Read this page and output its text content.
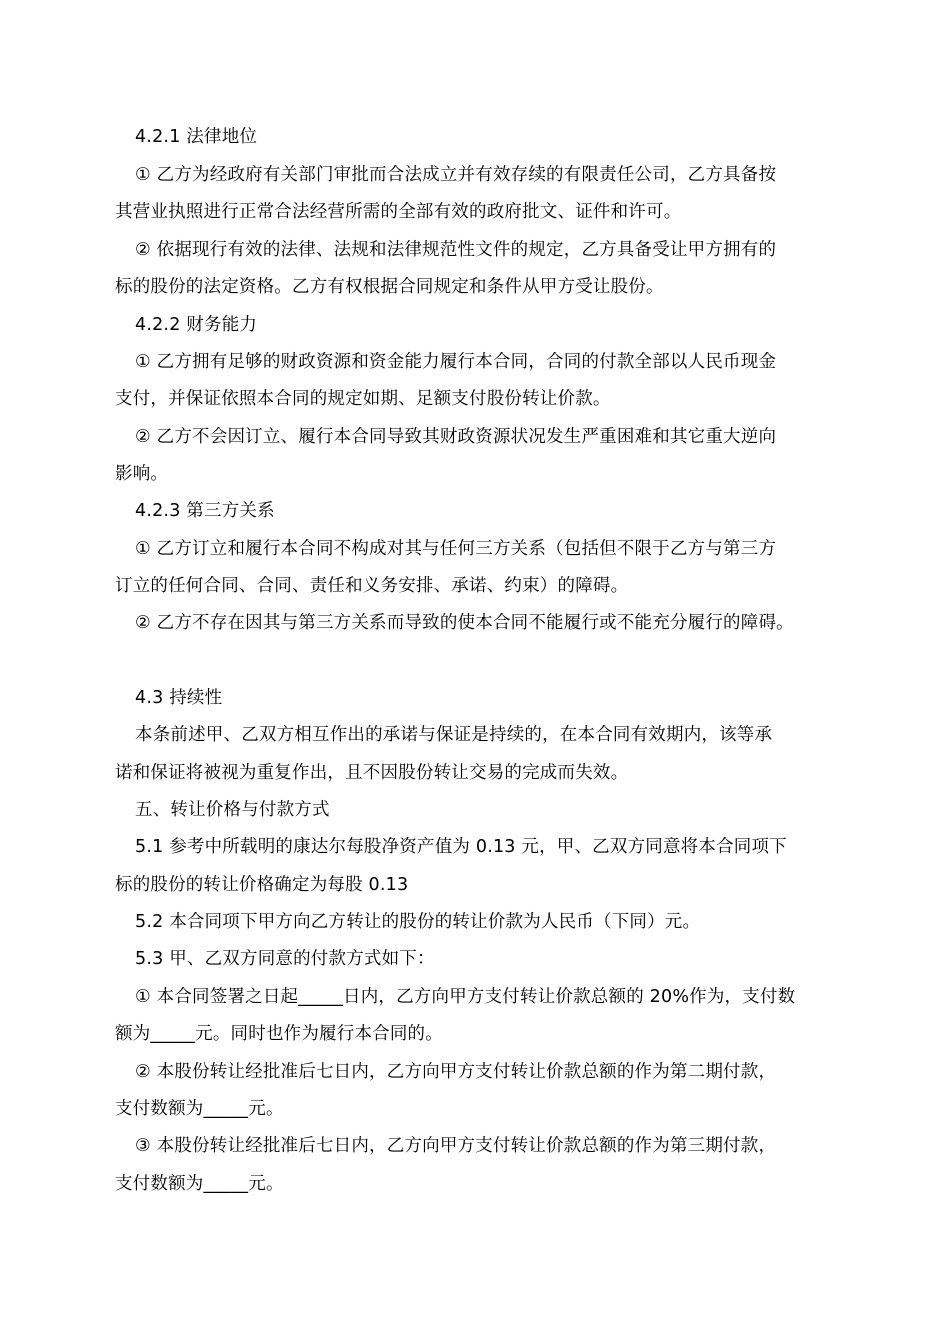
4.2.1 法律地位
① 乙方为经政府有关部门审批而合法成立并有效存续的有限责任公司，乙方具备按
其营业执照进行正常合法经营所需的全部有效的政府批文、证件和许可。
② 依据现行有效的法律、法规和法律规范性文件的规定，乙方具备受让甲方拥有的
标的股份的法定资格。乙方有权根据合同规定和条件从甲方受让股份。
4.2.2 财务能力
① 乙方拥有足够的财政资源和资金能力履行本合同，合同的付款全部以人民币现金
支付，并保证依照本合同的规定如期、足额支付股份转让价款。
② 乙方不会因订立、履行本合同导致其财政资源状况发生严重困难和其它重大逆向
影响。
4.2.3 第三方关系
① 乙方订立和履行本合同不构成对其与任何三方关系（包括但不限于乙方与第三方
订立的任何合同、合同、责任和义务安排、承诺、约束）的障碍。
② 乙方不存在因其与第三方关系而导致的使本合同不能履行或不能充分履行的障碍。
4.3 持续性
本条前述甲、乙双方相互作出的承诺与保证是持续的，在本合同有效期内，该等承
诺和保证将被视为重复作出，且不因股份转让交易的完成而失效。
五、转让价格与付款方式
5.1 参考中所载明的康达尔每股净资产值为 0.13 元，甲、乙双方同意将本合同项下
标的股份的转让价格确定为每股 0.13
5.2 本合同项下甲方向乙方转让的股份的转让价款为人民币（下同）元。
5.3 甲、乙双方同意的付款方式如下：
① 本合同签署之日起_____日内，乙方向甲方支付转让价款总额的 20%作为，支付数
额为_____元。同时也作为履行本合同的。
② 本股份转让经批准后七日内，乙方向甲方支付转让价款总额的作为第二期付款，
支付数额为_____元。
③ 本股份转让经批准后七日内，乙方向甲方支付转让价款总额的作为第三期付款，
支付数额为_____元。
